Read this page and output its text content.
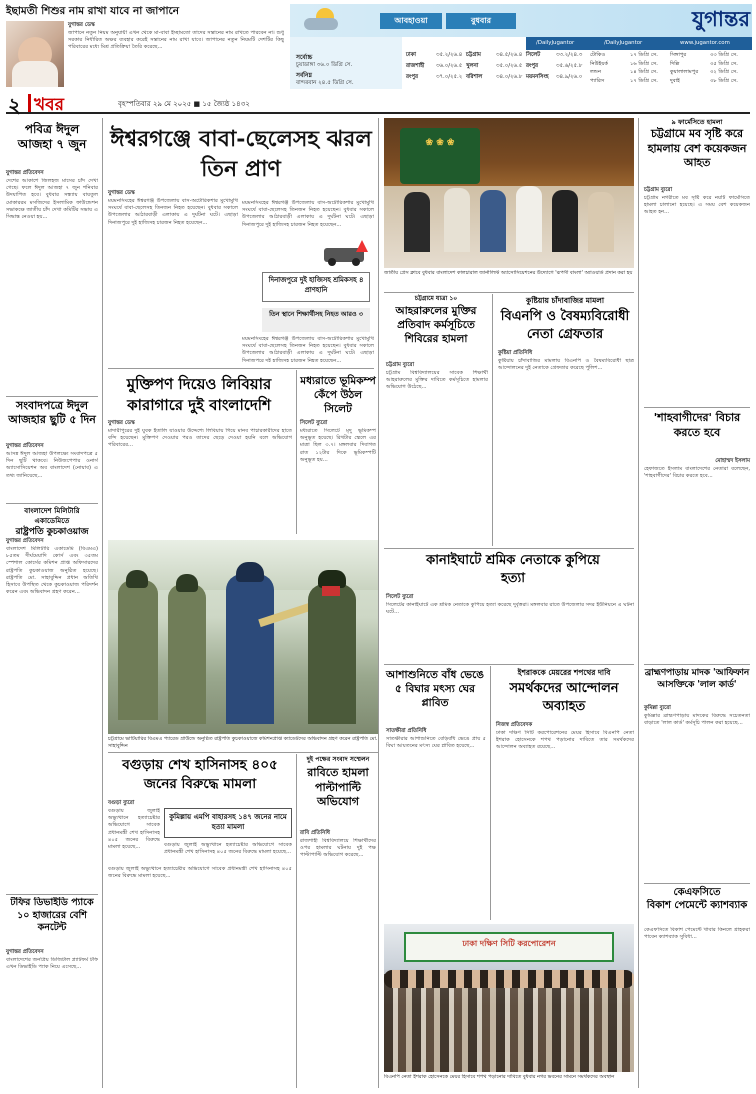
ইছামতী শিশুর নাম রাখা যাবে না জাপানে
যুগান্তর ডেস্ক
জাপানে নতুন নিয়ম অনুযায়ী এখন থেকে মা-বাবা ইচ্ছামতো তাদের সন্তানের নাম রাখতে পারবেন না। শুধু সরকার নির্ধারিত অক্ষর ব্যবহার করেই সন্তানের নাম রাখা যাবে। জাপানের নতুন নিয়মটি দেশটির কিছু পরিবারের মধ্যে মিশ্র প্রতিক্রিয়া তৈরি করেছে...
আবহাওয়া	বুধবার	যুগান্তর
/DailyJugantor	/DailyJugantor	www.jugantor.com
সর্বোচ্চ
চুয়াডাঙ্গা ৩৬.০ ডিগ্রি সে.
সর্বনিম্ন
বান্দরবান ২৪.৫ ডিগ্রি সে.
ঢাকা	৩৫.২/২৬.৪ চট্টগ্রাম	৩৪.৫/২৬.৪ সিলেট	৩৩.২/২৪.৩
রাজশাহী ৩৬.০/২৬.৫ খুলনা	৩৫.০/২৬.৫ রংপুর	৩৫.৬/২৫.৮
রংপুর	৩৭.০/২৫.২ বরিশাল	৩৪.০/২৬.৮ ময়মনসিংহ ৩৪.৯/২৬.০
টোকিও	১৭ ডিগ্রি সে. সিঙ্গাপুর	৩৩ ডিগ্রি সে.
নিউইয়র্ক	১৬ ডিগ্রি সে. দিল্লি	৩৫ ডিগ্রি সে.
লন্ডন	১৪ ডিগ্রি সে. কুয়ালালামপুর ৩২ ডিগ্রি সে.
প্যারিস	১৭ ডিগ্রি সে. দুবাই	৩৮ ডিগ্রি সে.
২ খবর	বৃহস্পতিবার ২৯ মে ২০২৫ ■ ১৫ জ্যৈষ্ঠ ১৪৩২
পবিত্র ঈদুল আজহা ৭ জুন
যুগান্তর প্রতিবেদন
দেশের আকাশে জিলহজ মাসের চাঁদ দেখা গেছে। ফলে ঈদুল আজহা ৭ জুন শনিবার উদযাপিত হবে। বুধবার সন্ধ্যায় বায়তুল মোকাররম মসজিদের ইসলামিক ফাউন্ডেশন সভাকক্ষে জাতীয় চাঁদ দেখা কমিটির সভায় এ সিদ্ধান্ত নেওয়া হয়...
সংবাদপত্রে ঈদুল আজহার ছুটি ৫ দিন
যুগান্তর প্রতিবেদন
আসন্ন ঈদুল আজহা উপলক্ষ্যে সংবাদপত্রে ৫ দিন ছুটি থাকবে। নিউজপেপার ওনার্স অ্যাসোসিয়েশন অব বাংলাদেশ (নোয়াব) এ তথ্য জানিয়েছে...
বাংলাদেশ মিলিটারি একাডেমিতে
রাষ্ট্রপতি কুচকাওয়াজ
যুগান্তর প্রতিবেদন
বাংলাদেশ মিলিটারি একাডেমি (বিএমএ) ৮৫তম দীর্ঘমেয়াদি কোর্স এবং ৩৫তম স্পেশাল কোর্সের কমিশন প্রাপ্ত অফিসারদের রাষ্ট্রপতি কুচকাওয়াজ অনুষ্ঠিত হয়েছে। রাষ্ট্রপতি মো. সাহাবুদ্দিন প্রধান অতিথি হিসাবে উপস্থিত থেকে কুচকাওয়াজ পরিদর্শন করেন এবং অভিবাদন গ্রহণ করেন...
টফির ডিভাইডি প্যাকে ১০ হাজারের বেশি কনটেন্ট
যুগান্তর প্রতিবেদন
বাংলাদেশের জনপ্রিয় ডিজিটাল প্ল্যাটফর্ম টফি এখন ডিভাইডি প্যাক নিয়ে এসেছে...
ঈশ্বরগঞ্জে বাবা-ছেলেসহ ঝরল তিন প্রাণ
যুগান্তর ডেস্ক
ময়মনসিংহের ঈশ্বরগঞ্জ উপজেলায় বাস-অটোরিকশার মুখোমুখি সংঘর্ষে বাবা-ছেলেসহ তিনজন নিহত হয়েছেন। বুধবার সকালে উপজেলার আঠারবাড়ী এলাকায় এ দুর্ঘটনা ঘটে। এছাড়া দিনাজপুরে দুই হাজিসহ চারজন নিহত হয়েছেন...
ময়মনসিংহের ঈশ্বরগঞ্জ উপজেলায় বাস-অটোরিকশার মুখোমুখি সংঘর্ষে বাবা-ছেলেসহ তিনজন নিহত হয়েছেন। বুধবার সকালে উপজেলার আঠারবাড়ী এলাকায় এ দুর্ঘটনা ঘটে। এছাড়া দিনাজপুরে দুই হাজিসহ চারজন নিহত হয়েছেন...
দিনাজপুরে দুই হাজিসহ শ্রমিকসহ ৪ প্রাণহানি
তিন স্থানে শিক্ষার্থীসহ নিহত আরও ৩
ময়মনসিংহের ঈশ্বরগঞ্জ উপজেলায় বাস-অটোরিকশার মুখোমুখি সংঘর্ষে বাবা-ছেলেসহ তিনজন নিহত হয়েছেন। বুধবার সকালে উপজেলার আঠারবাড়ী এলাকায় এ দুর্ঘটনা ঘটে। এছাড়া দিনাজপুরে দুই হাজিসহ চারজন নিহত হয়েছেন...
মুক্তিপণ দিয়েও লিবিয়ার কারাগারে দুই বাংলাদেশি
যুগান্তর ডেস্ক
মাদারীপুরের দুই যুবক ইতালি যাওয়ার উদ্দেশ্যে লিবিয়ায় গিয়ে মানব পাচারকারীদের হাতে বন্দি হয়েছেন। মুক্তিপণ দেওয়ার পরও তাদের ছেড়ে দেওয়া হয়নি বলে অভিযোগ পরিবারের...
মধ্যরাতে ভূমিকম্প কেঁপে উঠল সিলেট
সিলেট ব্যুরো
মধ্যরাতে সিলেটে মৃদু ভূমিকম্প অনুভূত হয়েছে। রিখটার স্কেলে এর মাত্রা ছিল ৩.৭। মঙ্গলবার দিবাগত রাত ১২টার দিকে ভূমিকম্পটি অনুভূত হয়...
চট্টগ্রামে ভাটিয়ারির বিএমএ প্যারেড গ্রাউন্ডে অনুষ্ঠিত রাষ্ট্রপতি কুচকাওয়াজে কমিশনপ্রাপ্ত ক্যাডেটদের অভিবাদন গ্রহণ করেন রাষ্ট্রপতি মো. সাহাবুদ্দিন
বগুড়ায় শেখ হাসিনাসহ ৪০৫ জনের বিরুদ্ধে মামলা
বগুড়া ব্যুরো
বগুড়ায় জুলাই অভ্যুত্থানে হত্যাচেষ্টার অভিযোগে সাবেক প্রধানমন্ত্রী শেখ হাসিনাসহ ৪০৫ জনের বিরুদ্ধে মামলা হয়েছে...
কুমিল্লায় এমপি বাহারসহ ১৪৭ জনের নামে হত্যা মামলা
বগুড়ায় জুলাই অভ্যুত্থানে হত্যাচেষ্টার অভিযোগে সাবেক প্রধানমন্ত্রী শেখ হাসিনাসহ ৪০৫ জনের বিরুদ্ধে মামলা হয়েছে...
বগুড়ায় জুলাই অভ্যুত্থানে হত্যাচেষ্টার অভিযোগে সাবেক প্রধানমন্ত্রী শেখ হাসিনাসহ ৪০৫ জনের বিরুদ্ধে মামলা হয়েছে...
দুই পক্ষের সংবাদ সম্মেলন
রাবিতে হামলা পাল্টাপাল্টি অভিযোগ
রাবি প্রতিনিধি
রাজশাহী বিশ্ববিদ্যালয়ে শিক্ষার্থীদের ওপর হামলার ঘটনায় দুই পক্ষ পাল্টাপাল্টি অভিযোগ করেছে...
❀ ❀ ❀
জাতীয় প্রেস ক্লাবে বুধবার বাংলাদেশ কালচারাল জার্নালিস্ট অ্যাসোসিয়েশনের উদ্যোগে 'রূপসী বাংলা' অ্যাওয়ার্ড প্রদান করা হয়
চট্টগ্রামে যাত্রা ১০
আহরারুলের মুক্তির প্রতিবাদ কর্মসূচিতে শিবিরের হামলা
চট্টগ্রাম ব্যুরো
চট্টগ্রাম বিশ্ববিদ্যালয়ের সাবেক শিক্ষার্থী আহরারুলের মুক্তির দাবিতে কর্মসূচিতে হামলার অভিযোগ উঠেছে...
কুষ্টিয়ায় চাঁদাবাজির মামলা
বিএনপি ও বৈষম্যবিরোধী নেতা গ্রেফতার
কুষ্টিয়া প্রতিনিধি
কুষ্টিয়ায় চাঁদাবাজির মামলায় বিএনপি ও বৈষম্যবিরোধী ছাত্র আন্দোলনের দুই নেতাকে গ্রেফতার করেছে পুলিশ...
কানাইঘাটে শ্রমিক নেতাকে কুপিয়ে হত্যা
সিলেট ব্যুরো
সিলেটের কানাইঘাটে এক শ্রমিক নেতাকে কুপিয়ে হত্যা করেছে দুর্বৃত্তরা। মঙ্গলবার রাতে উপজেলার সদর ইউনিয়নে এ ঘটনা ঘটে...
আশাশুনিতে বাঁধ ভেঙে ৫ বিঘার মৎস্য ঘের প্লাবিত
সাতক্ষীরা প্রতিনিধি
সাতক্ষীরার আশাশুনিতে বেড়িবাঁধ ভেঙে প্রায় ৫ বিঘা আয়তনের মৎস্য ঘের প্লাবিত হয়েছে...
ইশরাককে মেয়রের শপথের দাবি
সমর্থকদের আন্দোলন অব্যাহত
নিজস্ব প্রতিবেদক
ঢাকা দক্ষিণ সিটি করপোরেশনের মেয়র হিসাবে বিএনপি নেতা ইশরাক হোসেনকে শপথ পড়ানোর দাবিতে তার সমর্থকদের আন্দোলন অব্যাহত রয়েছে...
ঢাকা দক্ষিণ সিটি করপোরেশন
বিএনপি নেতা ইশরাক হোসেনকে মেয়র হিসাবে শপথ পড়ানোর দাবিতে বুধবার নগর ভবনের সামনে সমর্থকদের অবস্থান
৯ ফার্মেসিতে হামলা
চট্টগ্রামে মব সৃষ্টি করে হামলায় বেশ কয়েকজন আহত
চট্টগ্রাম ব্যুরো
চট্টগ্রাম নগরীতে মব সৃষ্টি করে নয়টি ফার্মেসিতে হামলা চালানো হয়েছে। এ সময় বেশ কয়েকজন আহত হন...
'শাহবাগীদের' বিচার করতে হবে
মোহাম্মদ ইসলাম
হেফাজতে ইসলাম বাংলাদেশের নেতারা বলেছেন, 'শাহবাগীদের' বিচার করতে হবে...
ব্রাহ্মণপাড়ায় মাদক 'আফিফান আসক্তিকে 'লাল কার্ড'
কুমিল্লা ব্যুরো
কুমিল্লার ব্রাহ্মণপাড়ায় মাদকের বিরুদ্ধে সচেতনতা বাড়াতে 'লাল কার্ড' কর্মসূচি পালন করা হয়েছে...
কেএফসিতে
বিকাশ পেমেন্টে ক্যাশব্যাক
কেএফসিতে বিকাশ পেমেন্টে খাবার কিনলে গ্রাহকরা পাবেন ক্যাশব্যাক সুবিধা...
